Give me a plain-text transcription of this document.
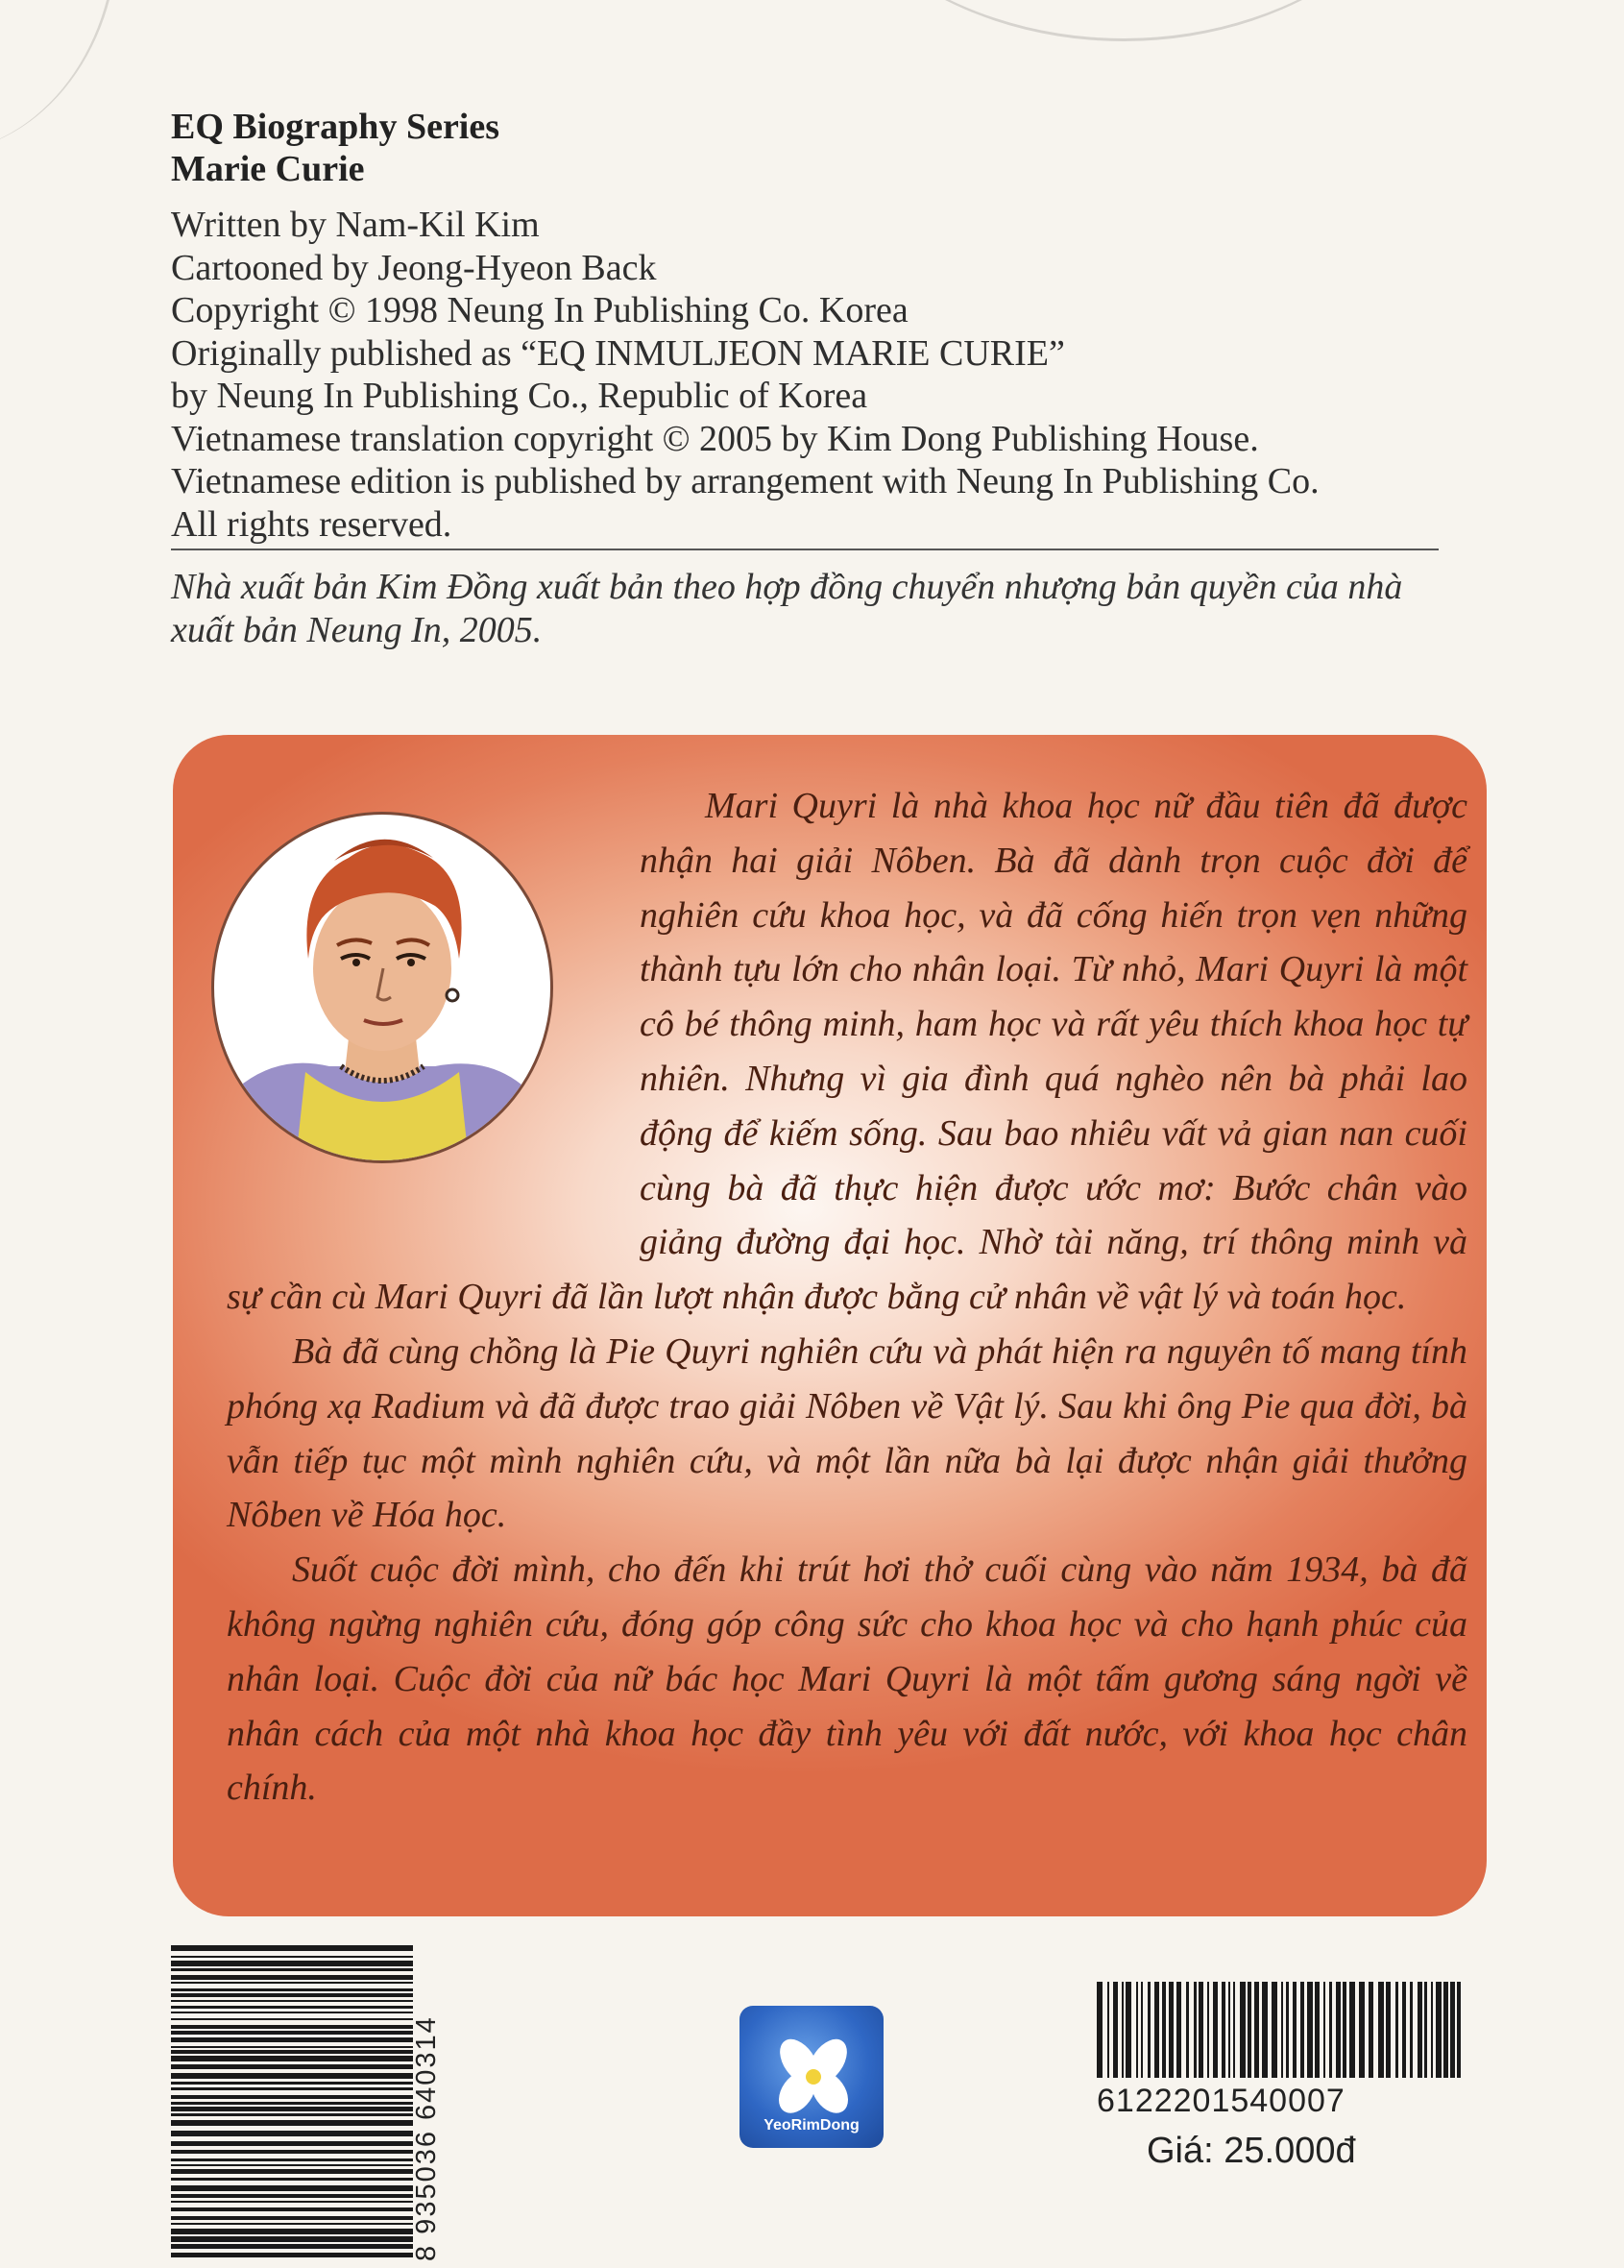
EQ Biography Series
Marie Curie
Written by Nam-Kil Kim
Cartooned by Jeong-Hyeon Back
Copyright © 1998 Neung In Publishing Co. Korea
Originally published as “EQ INMULJEON MARIE CURIE”
by Neung In Publishing Co., Republic of Korea
Vietnamese translation copyright © 2005 by Kim Dong Publishing House.
Vietnamese edition is published by arrangement with Neung In Publishing Co.
All rights reserved.
Nhà xuất bản Kim Đồng xuất bản theo hợp đồng chuyển nhượng bản quyền của nhà xuất bản Neung In, 2005.

Mari Quyri là nhà khoa học nữ đầu tiên đã được nhận hai giải Nôben. Bà đã dành trọn cuộc đời để nghiên cứu khoa học, và đã cống hiến trọn vẹn những thành tựu lớn cho nhân loại. Từ nhỏ, Mari Quyri là một cô bé thông minh, ham học và rất yêu thích khoa học tự nhiên. Nhưng vì gia đình quá nghèo nên bà phải lao động để kiếm sống. Sau bao nhiêu vất vả gian nan cuối cùng bà đã thực hiện được ước mơ: Bước chân vào giảng đường đại học. Nhờ tài năng, trí thông minh và sự cần cù Mari Quyri đã lần lượt nhận được bằng cử nhân về vật lý và toán học.

Bà đã cùng chồng là Pie Quyri nghiên cứu và phát hiện ra nguyên tố mang tính phóng xạ Radium và đã được trao giải Nôben về Vật lý. Sau khi ông Pie qua đời, bà vẫn tiếp tục một mình nghiên cứu, và một lần nữa bà lại được nhận giải thưởng Nôben về Hóa học.

Suốt cuộc đời mình, cho đến khi trút hơi thở cuối cùng vào năm 1934, bà đã không ngừng nghiên cứu, đóng góp công sức cho khoa học và cho hạnh phúc của nhân loại. Cuộc đời của nữ bác học Mari Quyri là một tấm gương sáng ngời về nhân cách của một nhà khoa học đầy tình yêu với đất nước, với khoa học chân chính.

8 935036 640314	YeoRimDong
6122201540007
Giá: 25.000đ
